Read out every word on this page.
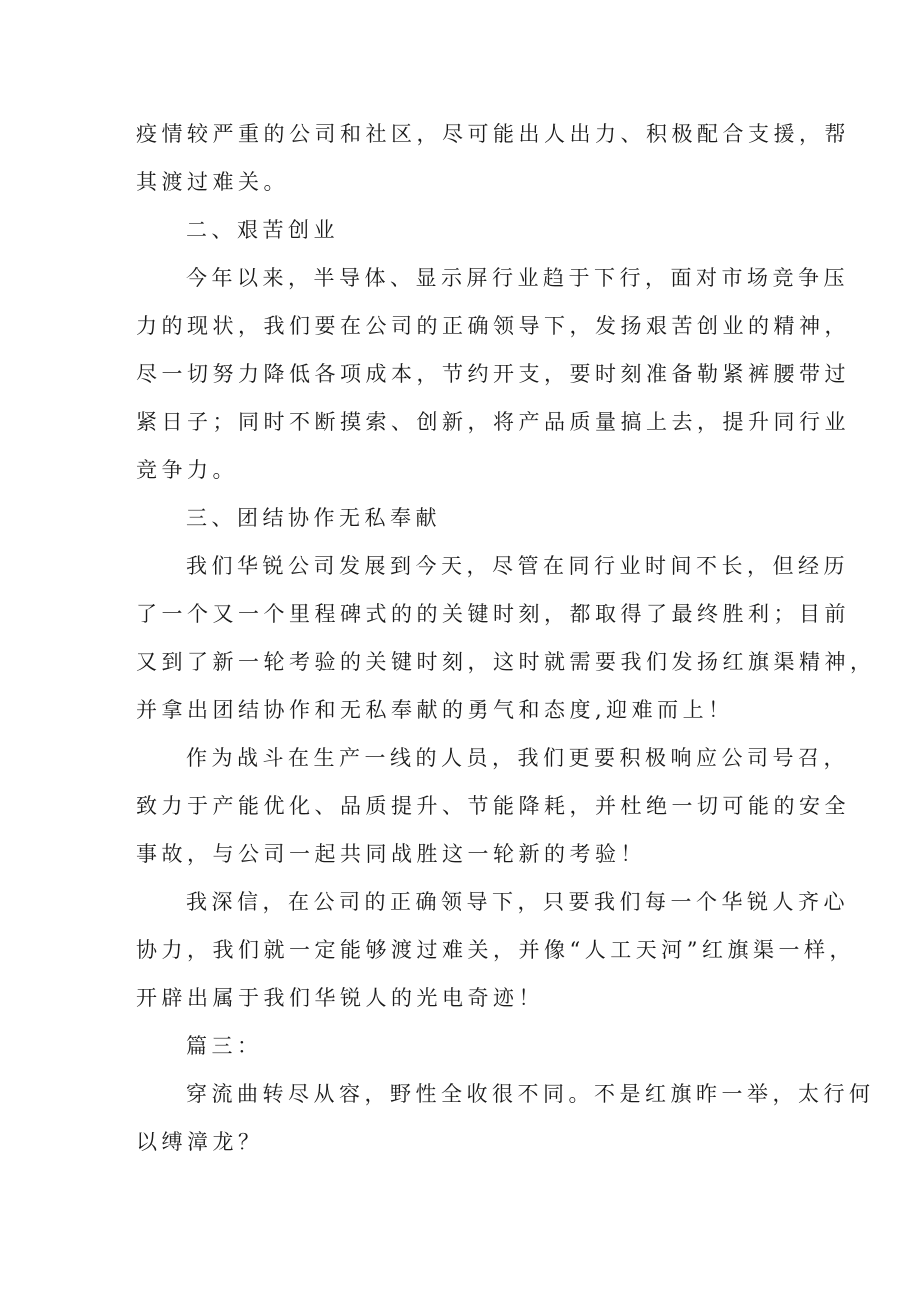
疫情较严重的公司和社区，尽可能出人出力、积极配合支援，帮
其渡过难关。
二、艰苦创业
今年以来，半导体、显示屏行业趋于下行，面对市场竞争压
力的现状，我们要在公司的正确领导下，发扬艰苦创业的精神，
尽一切努力降低各项成本，节约开支，要时刻准备勒紧裤腰带过
紧日子；同时不断摸索、创新，将产品质量搞上去，提升同行业
竞争力。
三、团结协作无私奉献
我们华锐公司发展到今天，尽管在同行业时间不长，但经历
了一个又一个里程碑式的的关键时刻，都取得了最终胜利；目前
又到了新一轮考验的关键时刻，这时就需要我们发扬红旗渠精神，
并拿出团结协作和无私奉献的勇气和态度,迎难而上！
作为战斗在生产一线的人员，我们更要积极响应公司号召，
致力于产能优化、品质提升、节能降耗，并杜绝一切可能的安全
事故，与公司一起共同战胜这一轮新的考验！
我深信，在公司的正确领导下，只要我们每一个华锐人齐心
协力，我们就一定能够渡过难关，并像“人工天河”红旗渠一样，
开辟出属于我们华锐人的光电奇迹！
篇三：
穿流曲转尽从容，野性全收很不同。不是红旗昨一举，太行何
以缚漳龙？
